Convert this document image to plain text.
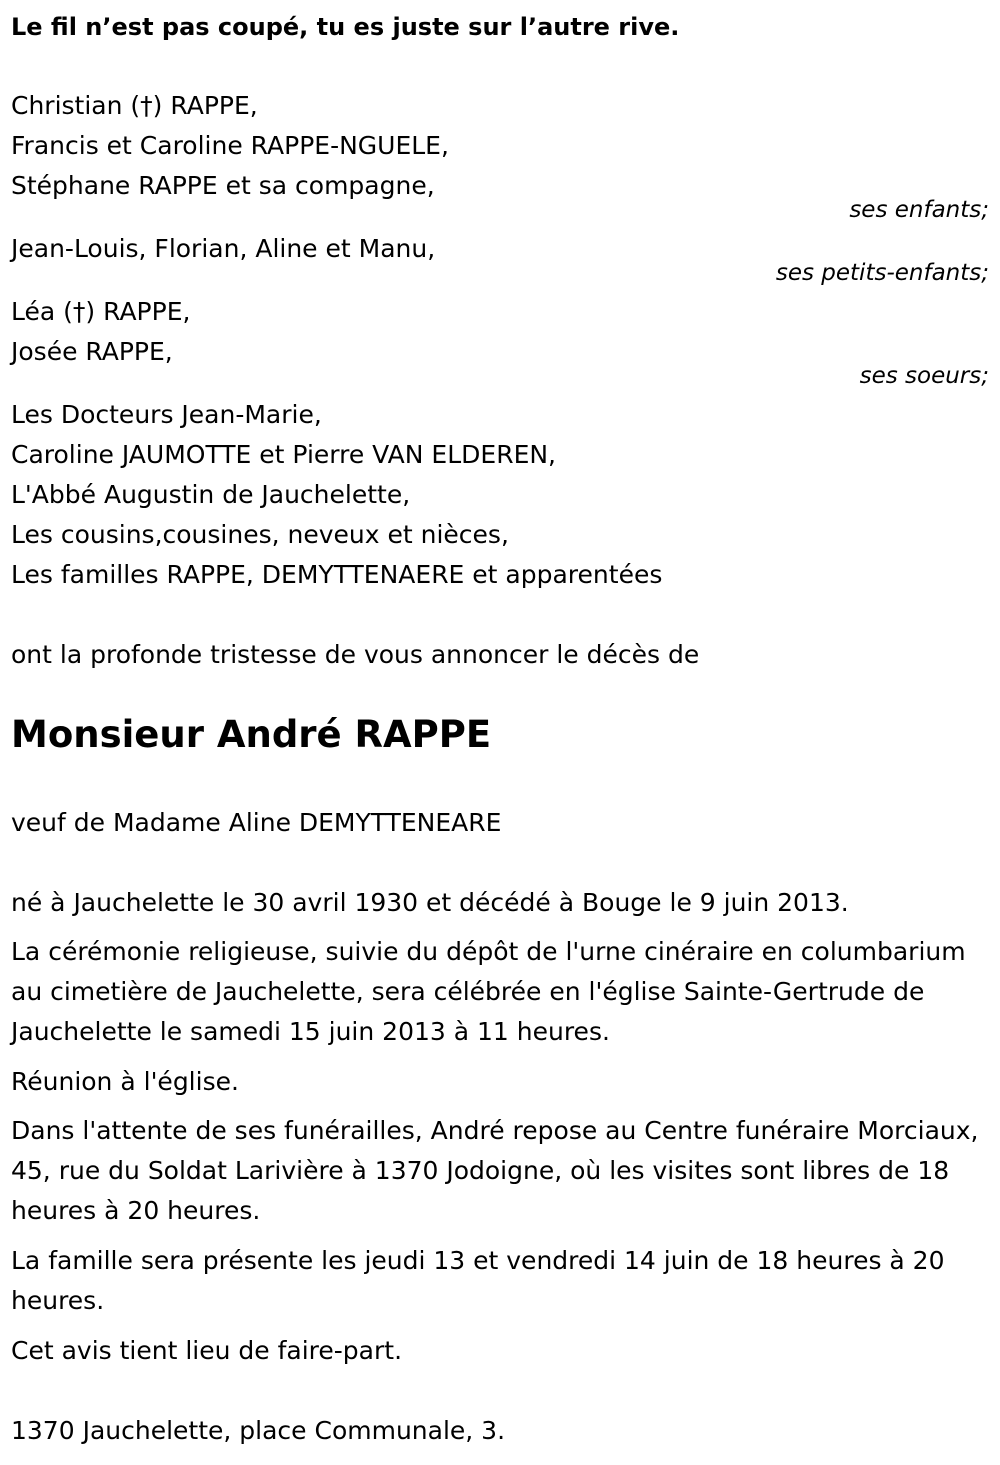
Le fil n’est pas coupé, tu es juste sur l’autre rive.
Christian (†) RAPPE,
Francis et Caroline RAPPE-NGUELE,
Stéphane RAPPE et sa compagne,
ses enfants;
Jean-Louis, Florian, Aline et Manu,
ses petits-enfants;
Léa (†) RAPPE,
Josée RAPPE,
ses soeurs;
Les Docteurs Jean-Marie,
Caroline JAUMOTTE et Pierre VAN ELDEREN,
L'Abbé Augustin de Jauchelette,
Les cousins,cousines, neveux et nièces,
Les familles RAPPE, DEMYTTENAERE et apparentées
ont la profonde tristesse de vous annoncer le décès de
Monsieur André RAPPE
veuf de Madame Aline DEMYTTENEARE
né à Jauchelette le 30 avril 1930 et décédé à Bouge le 9 juin 2013.
La cérémonie religieuse, suivie du dépôt de l'urne cinéraire en columbarium au cimetière de Jauchelette, sera célébrée en l'église Sainte-Gertrude de Jauchelette le samedi 15 juin 2013 à 11 heures.
Réunion à l'église.
Dans l'attente de ses funérailles, André repose au Centre funéraire Morciaux, 45, rue du Soldat Larivière à 1370 Jodoigne, où les visites sont libres de 18 heures à 20 heures.
La famille sera présente les jeudi 13 et vendredi 14 juin de 18 heures à 20 heures.
Cet avis tient lieu de faire-part.
1370 Jauchelette, place Communale, 3.
